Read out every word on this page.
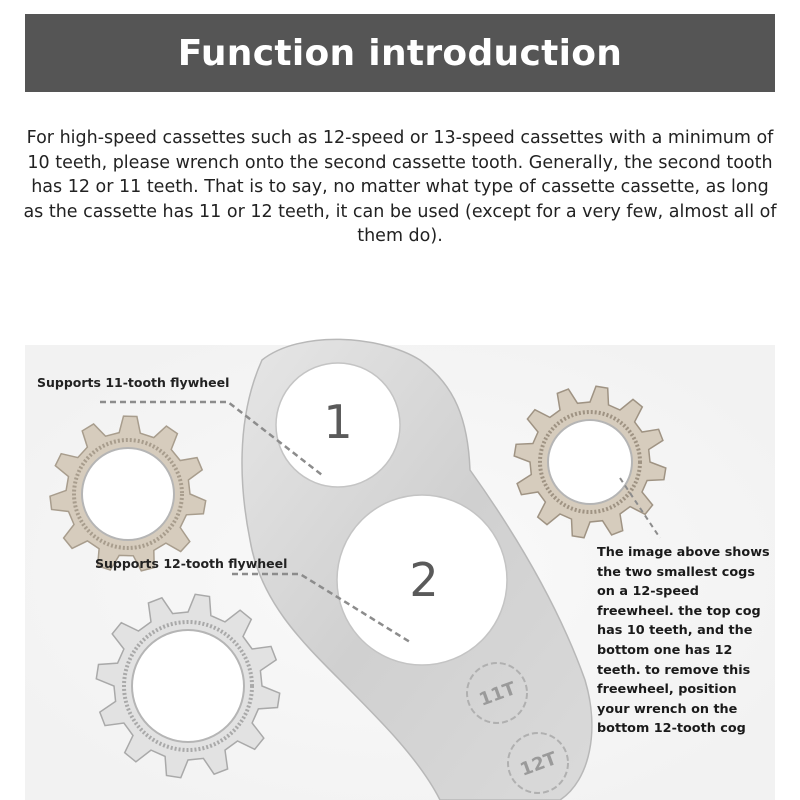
Function introduction

For high-speed cassettes such as 12-speed or 13-speed cassettes with a minimum of 10 teeth, please wrench onto the second cassette tooth. Generally, the second tooth has 12 or 11 teeth. That is to say, no matter what type of cassette cassette, as long as the cassette has 11 or 12 teeth, it can be used (except for a very few, almost all of them do).

1
2
11T
12T
Supports 11-tooth flywheel
Supports 12-tooth flywheel

The image above shows the two smallest cogs on a 12-speed freewheel. the top cog has 10 teeth, and the bottom one has 12 teeth. to remove this freewheel, position your wrench on the bottom 12-tooth cog
